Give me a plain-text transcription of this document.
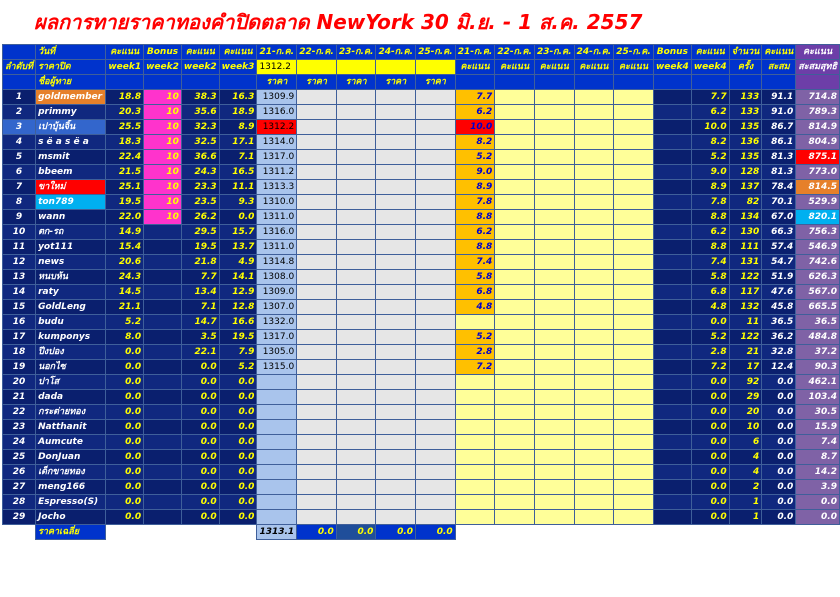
ผลการทายราคาทองคำปิดตลาด NewYork 30 มิ.ย. - 1 ส.ค. 2557
	วันที่	คะแนน	Bonus	คะแนน	คะแนน	21-ก.ค.	22-ก.ค.	23-ก.ค.	24-ก.ค.	25-ก.ค.	21-ก.ค.	22-ก.ค.	23-ก.ค.	24-ก.ค.	25-ก.ค.	Bonus	คะแนน	จำนวน	คะแนน	คะแนน
ลำดับที่	ราคาปิด	week1	week2	week2	week3	1312.2					คะแนน	คะแนน	คะแนน	คะแนน	คะแนน	week4	week4	ครั้ง	สะสม	สะสมสุทธิ
	ชื่อผู้ทาย					ราคา	ราคา	ราคา	ราคา	ราคา										
1	goldmember	18.8	10	38.3	16.3	1309.9					7.7						7.7	133	91.1	714.8
2	primmy	20.3	10	35.6	18.9	1316.0					6.2						6.2	133	91.0	789.3
3	เปาบุ้นจิ้น	25.5	10	32.3	8.9	1312.2					10.0						10.0	135	86.7	814.9
4	s ë a s ë a	18.3	10	32.5	17.1	1314.0					8.2						8.2	136	86.1	804.9
5	msmit	22.4	10	36.6	7.1	1317.0					5.2						5.2	135	81.3	875.1
6	bbeem	21.5	10	24.3	16.5	1311.2					9.0						9.0	128	81.3	773.0
7	ขาใหม่	25.1	10	23.3	11.1	1313.3					8.9						8.9	137	78.4	814.5
8	ton789	19.5	10	23.5	9.3	1310.0					7.8						7.8	82	70.1	529.9
9	wann	22.0	10	26.2	0.0	1311.0					8.8						8.8	134	67.0	820.1
10	ตก-รถ	14.9		29.5	15.7	1316.0					6.2						6.2	130	66.3	756.3
11	yot111	15.4		19.5	13.7	1311.0					8.8						8.8	111	57.4	546.9
12	news	20.6		21.8	4.9	1314.8					7.4						7.4	131	54.7	742.6
13	หนบห้น	24.3		7.7	14.1	1308.0					5.8						5.8	122	51.9	626.3
14	raty	14.5		13.4	12.9	1309.0					6.8						6.8	117	47.6	567.0
15	GoldLeng	21.1		7.1	12.8	1307.0					4.8						4.8	132	45.8	665.5
16	budu	5.2		14.7	16.6	1332.0											0.0	11	36.5	36.5
17	kumponys	8.0		3.5	19.5	1317.0					5.2						5.2	122	36.2	484.8
18	ปีงปอง	0.0		22.1	7.9	1305.0					2.8						2.8	21	32.8	37.2
19	นอกไซ	0.0		0.0	5.2	1315.0					7.2						7.2	17	12.4	90.3
20	ปาโส	0.0		0.0	0.0												0.0	92	0.0	462.1
21	dada	0.0		0.0	0.0												0.0	29	0.0	103.4
22	กระต่ายทอง	0.0		0.0	0.0												0.0	20	0.0	30.5
23	Natthanit	0.0		0.0	0.0												0.0	10	0.0	15.9
24	Aumcute	0.0		0.0	0.0												0.0	6	0.0	7.4
25	DonJuan	0.0		0.0	0.0												0.0	4	0.0	8.7
26	เด็กขายทอง	0.0		0.0	0.0												0.0	4	0.0	14.2
27	meng166	0.0		0.0	0.0												0.0	2	0.0	3.9
28	Espresso(S)	0.0		0.0	0.0												0.0	1	0.0	0.0
29	Jocho	0.0		0.0	0.0												0.0	1	0.0	0.0
	ราคาเฉลี่ย					1313.1	0.0	0.0	0.0	0.0										
